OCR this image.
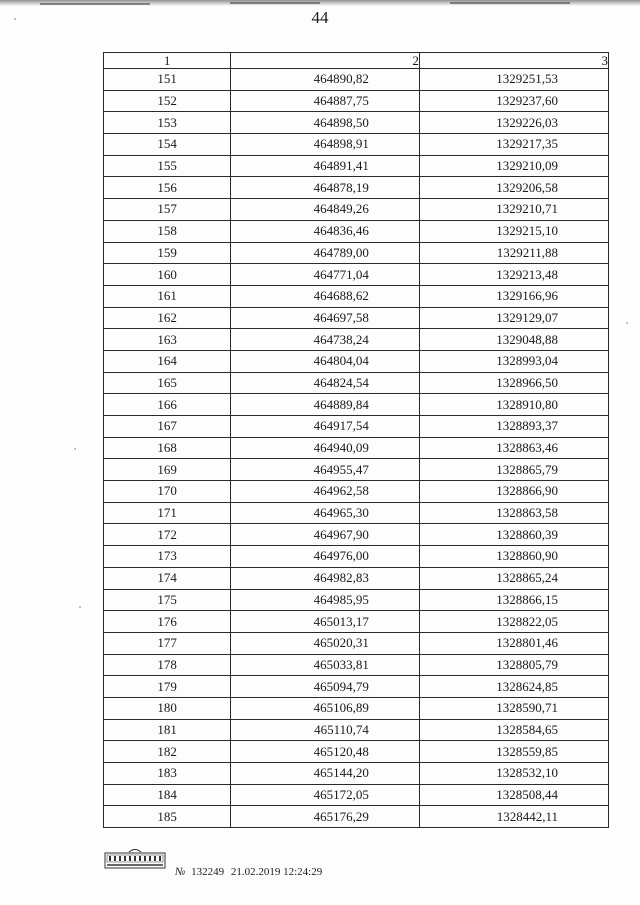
44
1	2	3
151	464890,82	1329251,53
152	464887,75	1329237,60
153	464898,50	1329226,03
154	464898,91	1329217,35
155	464891,41	1329210,09
156	464878,19	1329206,58
157	464849,26	1329210,71
158	464836,46	1329215,10
159	464789,00	1329211,88
160	464771,04	1329213,48
161	464688,62	1329166,96
162	464697,58	1329129,07
163	464738,24	1329048,88
164	464804,04	1328993,04
165	464824,54	1328966,50
166	464889,84	1328910,80
167	464917,54	1328893,37
168	464940,09	1328863,46
169	464955,47	1328865,79
170	464962,58	1328866,90
171	464965,30	1328863,58
172	464967,90	1328860,39
173	464976,00	1328860,90
174	464982,83	1328865,24
175	464985,95	1328866,15
176	465013,17	1328822,05
177	465020,31	1328801,46
178	465033,81	1328805,79
179	465094,79	1328624,85
180	465106,89	1328590,71
181	465110,74	1328584,65
182	465120,48	1328559,85
183	465144,20	1328532,10
184	465172,05	1328508,44
185	465176,29	1328442,11
№ 132249 21.02.2019 12:24:29
